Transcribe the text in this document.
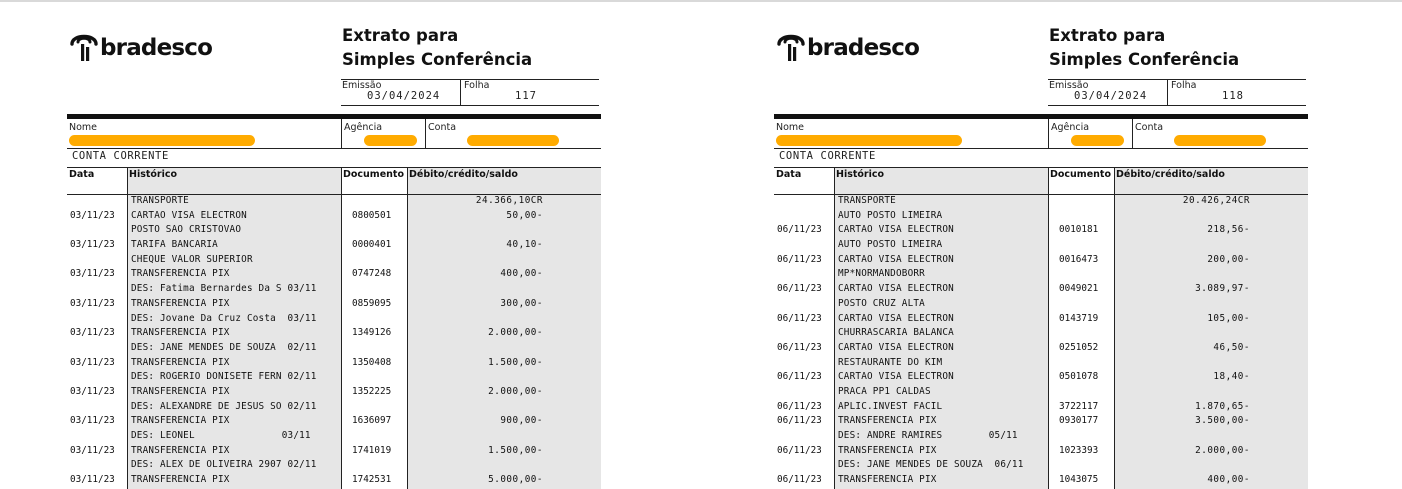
bradesco	Extrato para
Simples Conferência
Emissão
03/04/2024
Folha
117
Nome	Agência	Conta
CONTA CORRENTE
Data	Histórico	Documento Débito/crédito/saldo
TRANSPORTE	24.366,10CR
03/11/23 CARTAO VISA ELECTRON	0800501	50,00-
POSTO SAO CRISTOVAO
03/11/23 TARIFA BANCARIA	0000401	40,10-
CHEQUE VALOR SUPERIOR
03/11/23 TRANSFERENCIA PIX	0747248	400,00-
DES: Fatima Bernardes Da S 03/11
03/11/23 TRANSFERENCIA PIX	0859095	300,00-
DES: Jovane Da Cruz Costa  03/11
03/11/23 TRANSFERENCIA PIX	1349126	2.000,00-
DES: JANE MENDES DE SOUZA  02/11
03/11/23 TRANSFERENCIA PIX	1350408	1.500,00-
DES: ROGERIO DONISETE FERN 02/11
03/11/23 TRANSFERENCIA PIX	1352225	2.000,00-
DES: ALEXANDRE DE JESUS SO 02/11
03/11/23 TRANSFERENCIA PIX	1636097	900,00-
DES: LEONEL               03/11
03/11/23 TRANSFERENCIA PIX	1741019	1.500,00-
DES: ALEX DE OLIVEIRA 2907 02/11
03/11/23 TRANSFERENCIA PIX	1742531	5.000,00-
bradesco	Extrato para
Simples Conferência
Emissão
03/04/2024
Folha
118
Nome	Agência	Conta
CONTA CORRENTE
Data	Histórico	Documento Débito/crédito/saldo
TRANSPORTE	20.426,24CR
AUTO POSTO LIMEIRA
06/11/23 CARTAO VISA ELECTRON	0010181	218,56-
AUTO POSTO LIMEIRA
06/11/23 CARTAO VISA ELECTRON	0016473	200,00-
MP*NORMANDOBORR
06/11/23 CARTAO VISA ELECTRON	0049021	3.089,97-
POSTO CRUZ ALTA
06/11/23 CARTAO VISA ELECTRON	0143719	105,00-
CHURRASCARIA BALANCA
06/11/23 CARTAO VISA ELECTRON	0251052	46,50-
RESTAURANTE DO KIM
06/11/23 CARTAO VISA ELECTRON	0501078	18,40-
PRACA PP1 CALDAS
06/11/23 APLIC.INVEST FACIL	3722117	1.870,65-
06/11/23 TRANSFERENCIA PIX	0930177	3.500,00-
DES: ANDRE RAMIRES        05/11
06/11/23 TRANSFERENCIA PIX	1023393	2.000,00-
DES: JANE MENDES DE SOUZA  06/11
06/11/23 TRANSFERENCIA PIX	1043075	400,00-
